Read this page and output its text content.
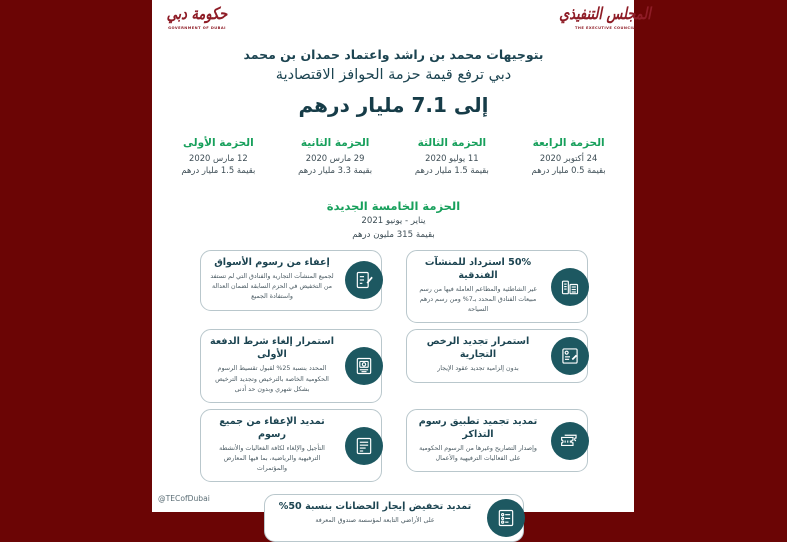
حكومة دبي
GOVERNMENT OF DUBAI
المجلس التنفيذي
THE EXECUTIVE COUNCIL
بتوجيهات محمد بن راشد واعتماد حمدان بن محمد
دبي ترفع قيمة حزمة الحوافز الاقتصادية
إلى 7.1 مليار درهم
الحزمة الرابعة
24 أكتوبر 2020
بقيمة 0.5 مليار درهم
الحزمة الثالثة
11 يوليو 2020
بقيمة 1.5 مليار درهم
الحزمة الثانية
29 مارس 2020
بقيمة 3.3 مليار درهم
الحزمة الأولى
12 مارس 2020
بقيمة 1.5 مليار درهم
الحزمة الخامسة الجديدة
يناير - يونيو 2021
بقيمة 315 مليون درهم
50% استرداد للمنشآت الفندقية
غير الشاطئية والمطاعم العاملة فيها من رسم مبيعات الفنادق المحدد بـ7% ومن رسم درهم السياحة
إعفاء من رسوم الأسواق
لجميع المنشآت التجارية والفنادق التي لم تستفد من التخفيض في الحزم السابقة لضمان العدالة واستفادة الجميع
استمرار تجديد الرخص التجارية
بدون إلزامية تجديد عقود الإيجار
استمرار إلغاء شرط الدفعة الأولى
المحدد بنسبة 25% لقبول تقسيط الرسوم الحكومية الخاصة بالترخيص وتجديد الترخيص بشكل شهري وبدون حد أدنى
تمديد تجميد تطبيق رسوم التذاكر
وإصدار التصاريح وغيرها من الرسوم الحكومية على الفعاليات الترفيهية والأعمال
تمديد الإعفاء من جميع رسوم
التأجيل والإلغاء لكافة الفعاليات والأنشطة الترفيهية والرياضية، بما فيها المعارض والمؤتمرات
تمديد تخفيض إيجار الحضانات بنسبة 50%
على الأراضي التابعة لمؤسسة صندوق المعرفة
@TECofDubai
